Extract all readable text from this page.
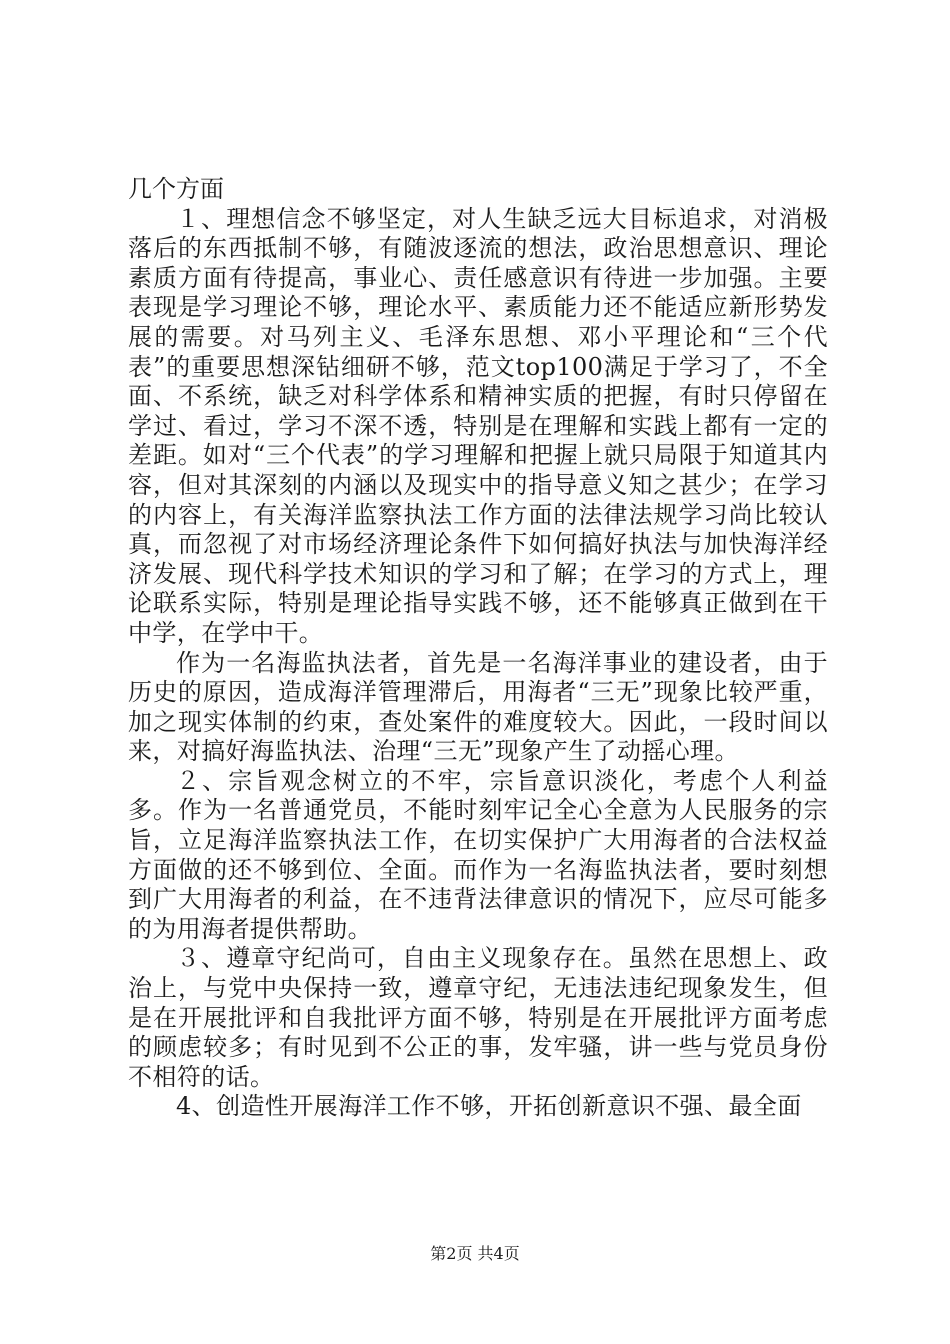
几个方面

１、理想信念不够坚定，对人生缺乏远大目标追求，对消极落后的东西抵制不够，有随波逐流的想法，政治思想意识、理论素质方面有待提高，事业心、责任感意识有待进一步加强。主要表现是学习理论不够，理论水平、素质能力还不能适应新形势发展的需要。对马列主义、毛泽东思想、邓小平理论和“三个代表”的重要思想深钻细研不够，范文top100满足于学习了，不全面、不系统，缺乏对科学体系和精神实质的把握，有时只停留在学过、看过，学习不深不透，特别是在理解和实践上都有一定的差距。如对“三个代表”的学习理解和把握上就只局限于知道其内容，但对其深刻的内涵以及现实中的指导意义知之甚少；在学习的内容上，有关海洋监察执法工作方面的法律法规学习尚比较认真，而忽视了对市场经济理论条件下如何搞好执法与加快海洋经济发展、现代科学技术知识的学习和了解；在学习的方式上，理论联系实际，特别是理论指导实践不够，还不能够真正做到在干中学，在学中干。

作为一名海监执法者，首先是一名海洋事业的建设者，由于历史的原因，造成海洋管理滞后，用海者“三无”现象比较严重，加之现实体制的约束，查处案件的难度较大。因此，一段时间以来，对搞好海监执法、治理“三无”现象产生了动摇心理。

２、宗旨观念树立的不牢，宗旨意识淡化，考虑个人利益多。作为一名普通党员，不能时刻牢记全心全意为人民服务的宗旨，立足海洋监察执法工作，在切实保护广大用海者的合法权益方面做的还不够到位、全面。而作为一名海监执法者，要时刻想到广大用海者的利益，在不违背法律意识的情况下，应尽可能多的为用海者提供帮助。

３、遵章守纪尚可，自由主义现象存在。虽然在思想上、政治上，与党中央保持一致，遵章守纪，无违法违纪现象发生，但是在开展批评和自我批评方面不够，特别是在开展批评方面考虑的顾虑较多；有时见到不公正的事，发牢骚，讲一些与党员身份不相符的话。

4、创造性开展海洋工作不够，开拓创新意识不强、最全面

第2页 共4页
